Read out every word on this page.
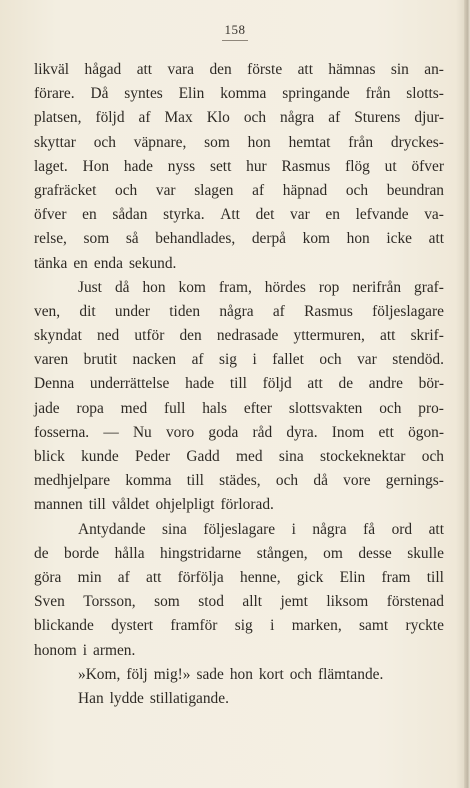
158
likväl hågad att vara den förste att hämnas sin an-
förare. Då syntes Elin komma springande från slotts-
platsen, följd af Max Klo och några af Sturens djur-
skyttar och väpnare, som hon hemtat från dryckes-
laget. Hon hade nyss sett hur Rasmus flög ut öfver
grafräcket och var slagen af häpnad och beundran
öfver en sådan styrka. Att det var en lefvande va-
relse, som så behandlades, derpå kom hon icke att
tänka en enda sekund.
Just då hon kom fram, hördes rop nerifrån graf-
ven, dit under tiden några af Rasmus följeslagare
skyndat ned utför den nedrasade yttermuren, att skrif-
varen brutit nacken af sig i fallet och var stendöd.
Denna underrättelse hade till följd att de andre bör-
jade ropa med full hals efter slottsvakten och pro-
fosserna. — Nu voro goda råd dyra. Inom ett ögon-
blick kunde Peder Gadd med sina stockeknektar och
medhjelpare komma till städes, och då vore gernings-
mannen till våldet ohjelpligt förlorad.
Antydande sina följeslagare i några få ord att
de borde hålla hingstridarne stången, om desse skulle
göra min af att förfölja henne, gick Elin fram till
Sven Torsson, som stod allt jemt liksom förstenad
blickande dystert framför sig i marken, samt ryckte
honom i armen.
»Kom, följ mig!» sade hon kort och flämtande.
Han lydde stillatigande.
